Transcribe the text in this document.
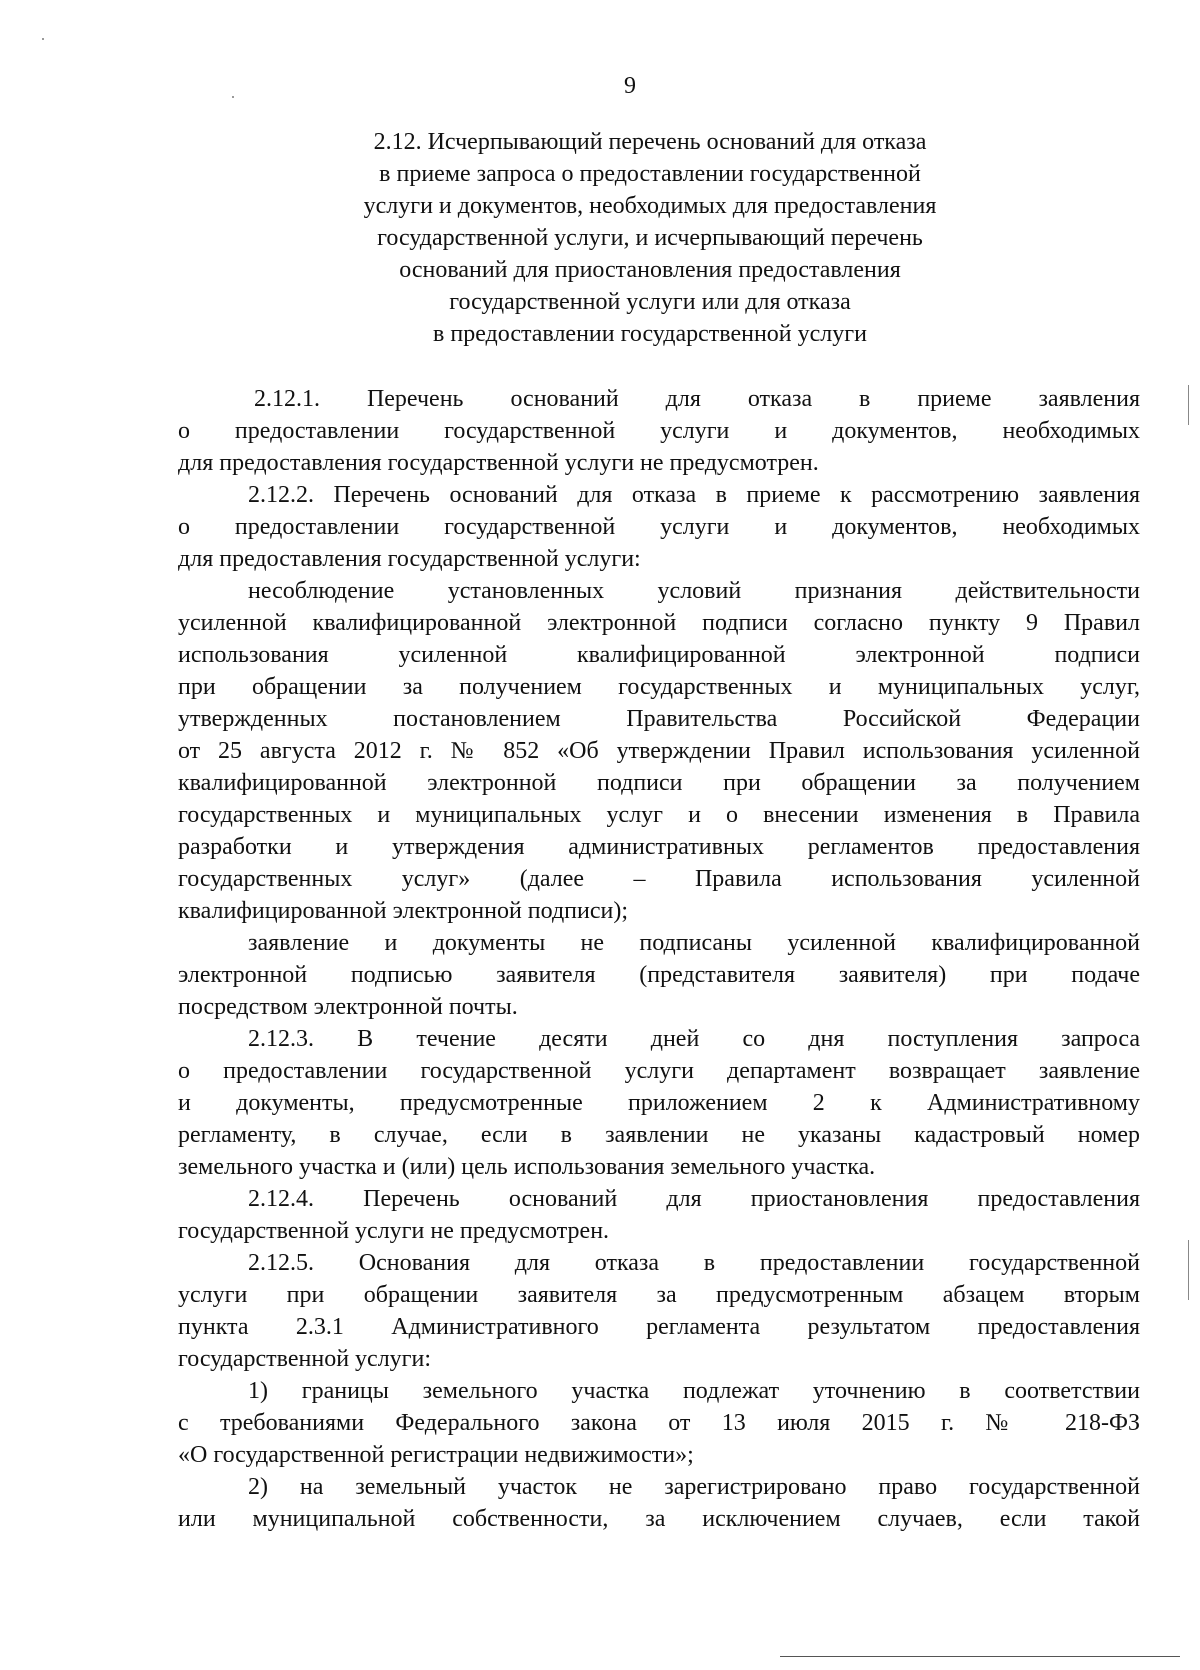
9
2.12. Исчерпывающий перечень оснований для отказа
в приеме запроса о предоставлении государственной
услуги и документов, необходимых для предоставления
государственной услуги, и исчерпывающий перечень
оснований для приостановления предоставления
государственной услуги или для отказа
в предоставлении государственной услуги

2.12.1. Перечень оснований для отказа в приеме заявления
о предоставлении государственной услуги и документов, необходимых
для предоставления государственной услуги не предусмотрен.

2.12.2. Перечень оснований для отказа в приеме к рассмотрению заявления
о предоставлении государственной услуги и документов, необходимых
для предоставления государственной услуги:

несоблюдение установленных условий признания действительности
усиленной квалифицированной электронной подписи согласно пункту 9 Правил
использования усиленной квалифицированной электронной подписи
при обращении за получением государственных и муниципальных услуг,
утвержденных постановлением Правительства Российской Федерации
от 25 августа 2012 г. № 852 «Об утверждении Правил использования усиленной
квалифицированной электронной подписи при обращении за получением
государственных и муниципальных услуг и о внесении изменения в Правила
разработки и утверждения административных регламентов предоставления
государственных услуг» (далее – Правила использования усиленной
квалифицированной электронной подписи);

заявление и документы не подписаны усиленной квалифицированной
электронной подписью заявителя (представителя заявителя) при подаче
посредством электронной почты.

2.12.3. В течение десяти дней со дня поступления запроса
о предоставлении государственной услуги департамент возвращает заявление
и документы, предусмотренные приложением 2 к Административному
регламенту, в случае, если в заявлении не указаны кадастровый номер
земельного участка и (или) цель использования земельного участка.

2.12.4. Перечень оснований для приостановления предоставления
государственной услуги не предусмотрен.

2.12.5. Основания для отказа в предоставлении государственной
услуги при обращении заявителя за предусмотренным абзацем вторым
пункта 2.3.1 Административного регламента результатом предоставления
государственной услуги:

1) границы земельного участка подлежат уточнению в соответствии
с требованиями Федерального закона от 13 июля 2015 г. № 218-ФЗ
«О государственной регистрации недвижимости»;

2) на земельный участок не зарегистрировано право государственной
или муниципальной собственности, за исключением случаев, если такой
